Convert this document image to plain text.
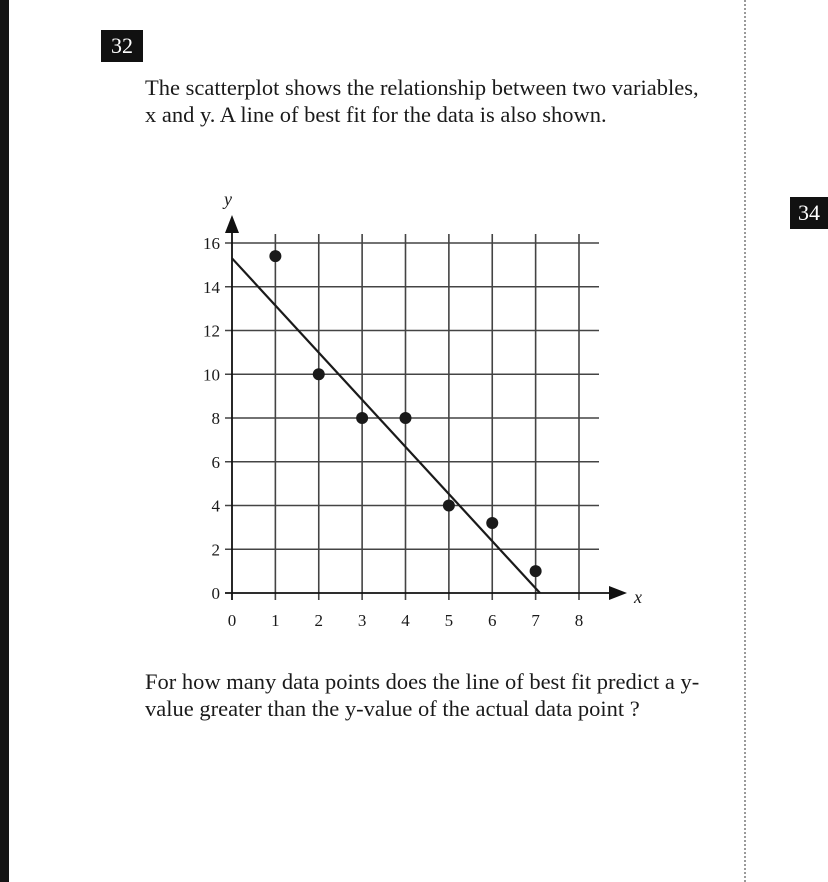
32
34

The scatterplot shows the relationship between two variables, x and y. A line of best fit for the data is also shown.

0 1 2 3 4 5 6 7 8
0
2
4
6
8
10
12
14
16
x
y

For how many data points does the line of best fit predict a y-value greater than the y-value of the actual data point ?
